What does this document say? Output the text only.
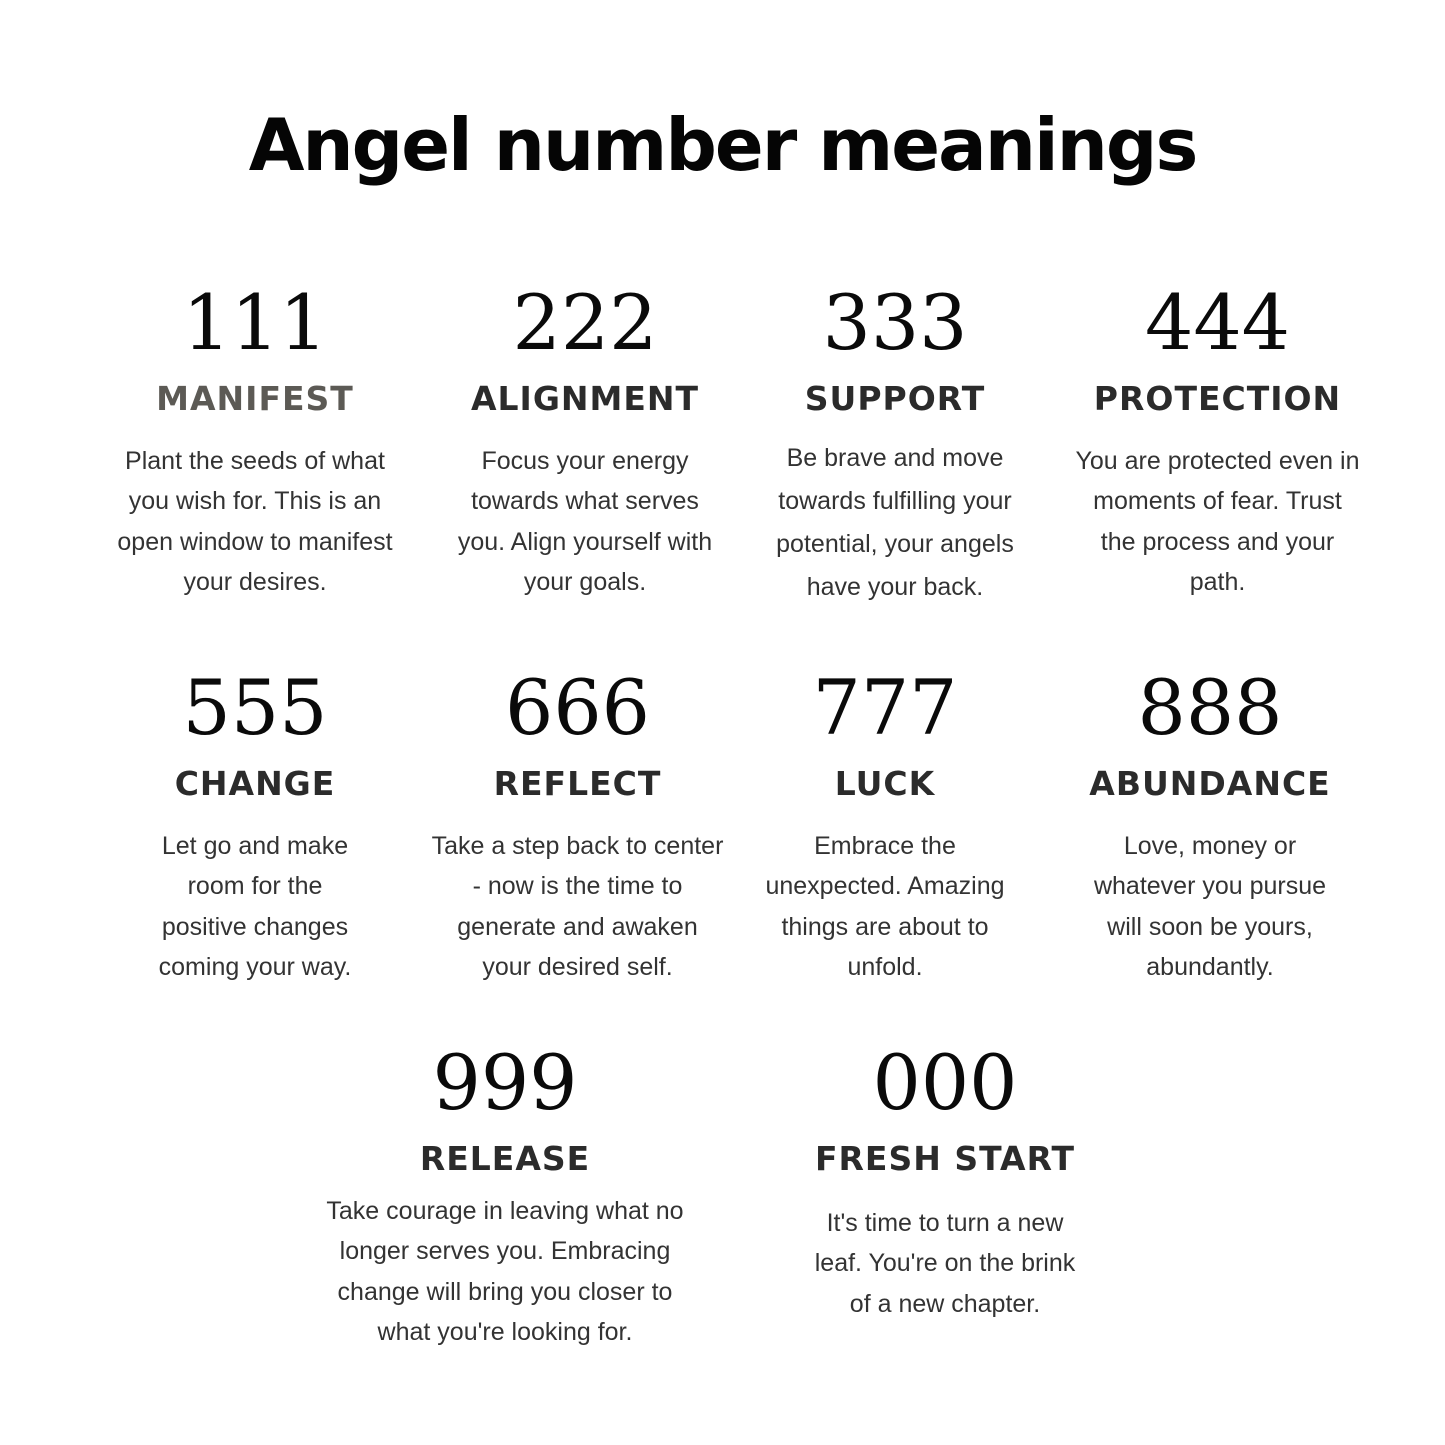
Angel number meanings
111
MANIFEST
Plant the seeds of what you wish for. This is an open window to manifest your desires.
222
ALIGNMENT
Focus your energy towards what serves you. Align yourself with your goals.
333
SUPPORT
Be brave and move towards fulfilling your potential, your angels have your back.
444
PROTECTION
You are protected even in moments of fear. Trust the process and your path.
555
CHANGE
Let go and make room for the positive changes coming your way.
666
REFLECT
Take a step back to center - now is the time to generate and awaken your desired self.
777
LUCK
Embrace the unexpected. Amazing things are about to unfold.
888
ABUNDANCE
Love, money or whatever you pursue will soon be yours, abundantly.
999
RELEASE
Take courage in leaving what no longer serves you. Embracing change will bring you closer to what you're looking for.
000
FRESH START
It's time to turn a new leaf. You're on the brink of a new chapter.
